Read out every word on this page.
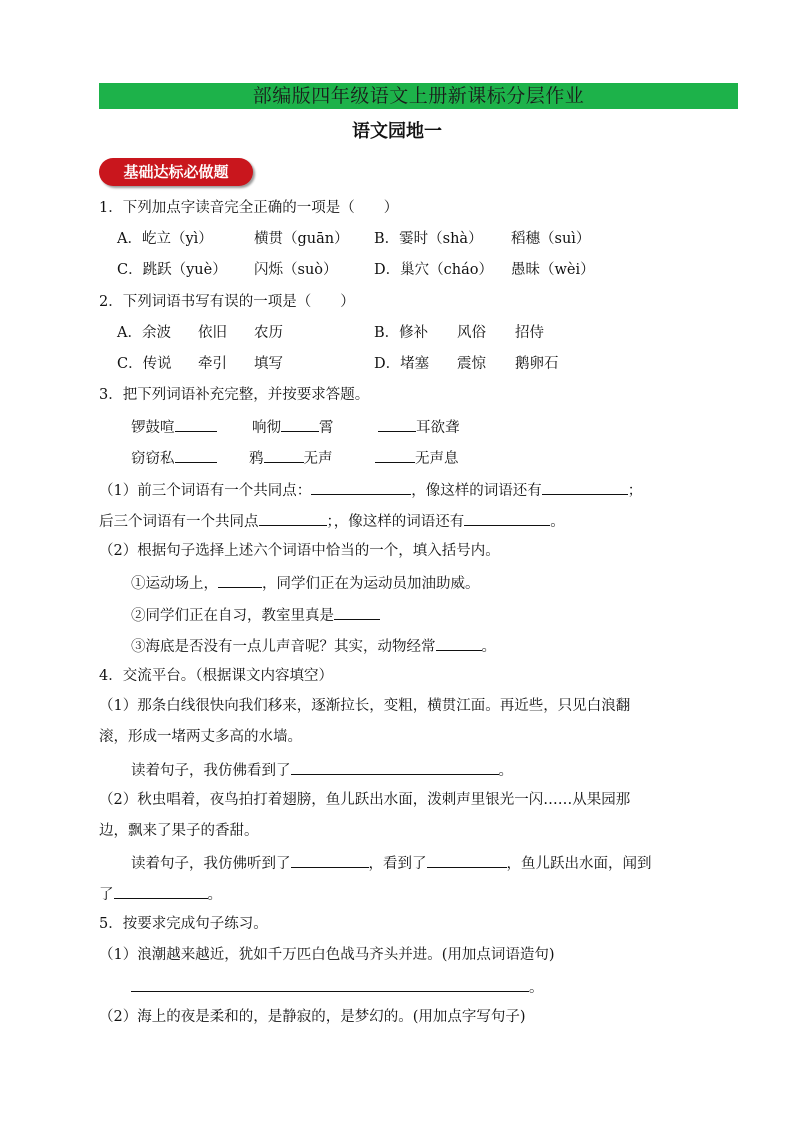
部编版四年级语文上册新课标分层作业
语文园地一
基础达标必做题
1．下列加点字读音完全正确的一项是（　　）
A．屹立（yì）	横贯（guān） B．霎时（shà） 稻穗（suì）
C．跳跃（yuè） 闪烁（suò）	D．巢穴（cháo） 愚昧（wèi）
2．下列词语书写有误的一项是（　　）
A．余波 依旧 农历	B．修补 风俗 招侍
C．传说 牵引 填写	D．堵塞 震惊 鹅卵石
3．把下列词语补充完整，并按要求答题。
锣鼓喧	响彻	霄	耳欲聋
窃窃私	鸦	无声	无声息
（1）前三个词语有一个共同点：	，像这样的词语还有	；
后三个词语有一个共同点	；，像这样的词语还有	。
（2）根据句子选择上述六个词语中恰当的一个，填入括号内。
①运动场上，	，同学们正在为运动员加油助威。
②同学们正在自习，教室里真是
③海底是否没有一点儿声音呢？其实，动物经常	。
4．交流平台。（根据课文内容填空）
（1）那条白线很快向我们移来，逐渐拉长，变粗，横贯江面。再近些，只见白浪翻
滚，形成一堵两丈多高的水墙。
读着句子，我仿佛看到了	。
（2）秋虫唱着，夜鸟拍打着翅膀，鱼儿跃出水面，泼刺声里银光一闪……从果园那
边，飘来了果子的香甜。
读着句子，我仿佛听到了	，看到了	，鱼儿跃出水面，闻到
了	。
5．按要求完成句子练习。
（1）浪潮越来越近，犹如千万匹白色战马齐头并进。(用加点词语造句)
。
（2）海上的夜是柔和的，是静寂的，是梦幻的。(用加点字写句子)
